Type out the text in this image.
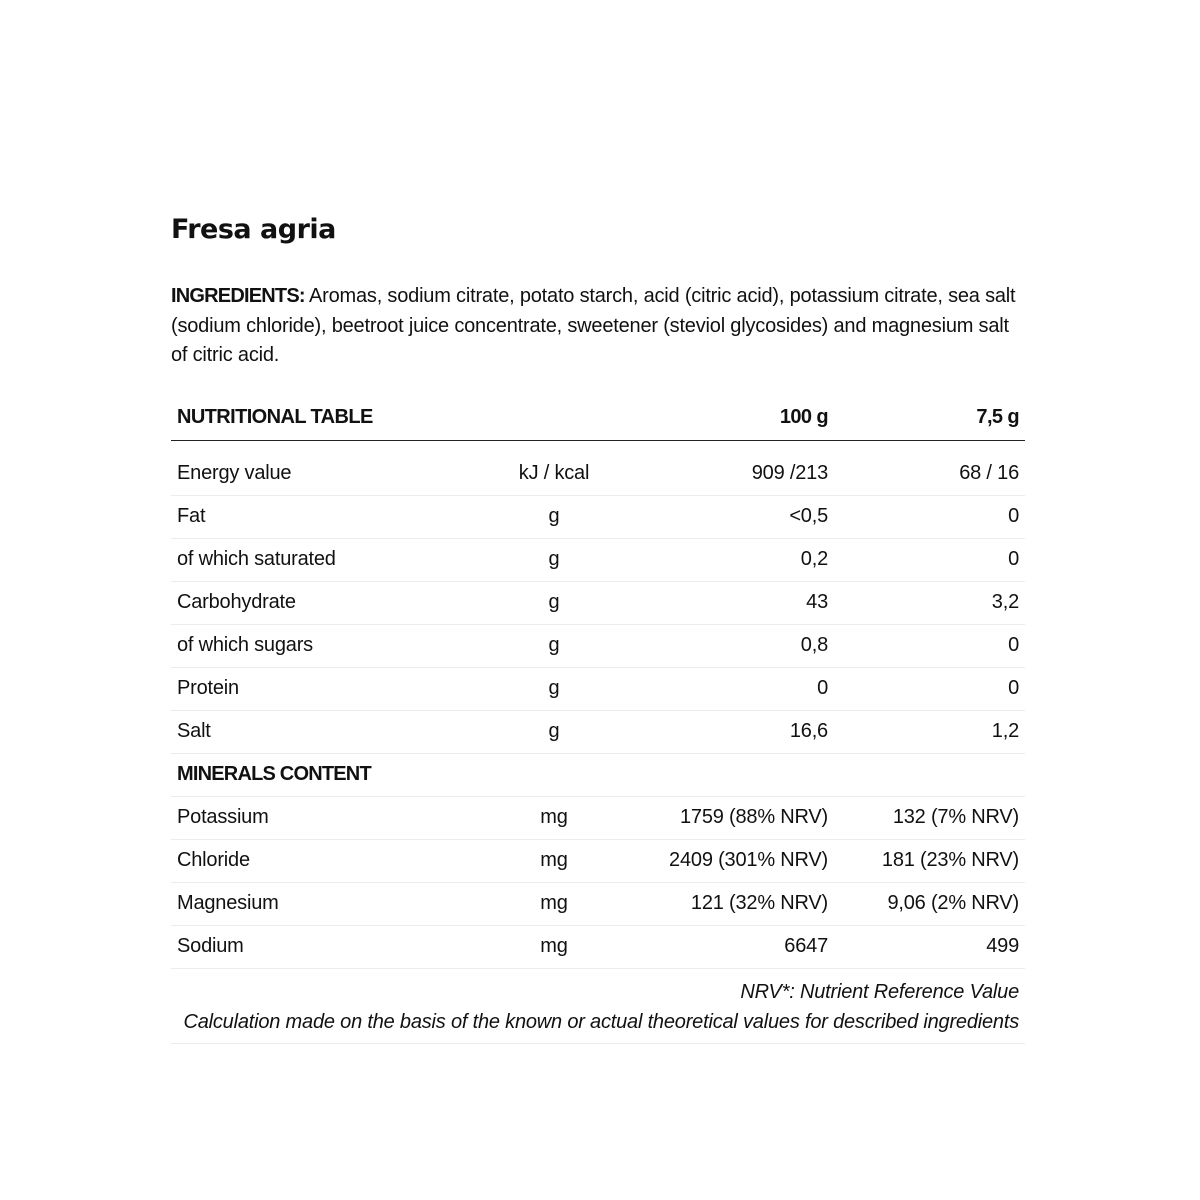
Fresa agria

INGREDIENTS: Aromas, sodium citrate, potato starch, acid (citric acid), potassium citrate, sea salt (sodium chloride), beetroot juice concentrate, sweetener (steviol glycosides) and magnesium salt of citric acid.

NUTRITIONAL TABLE		100 g	7,5 g
Energy value	kJ / kcal	909 /213	68 / 16
Fat	g	<0,5	0
of which saturated	g	0,2	0
Carbohydrate	g	43	3,2
of which sugars	g	0,8	0
Protein	g	0	0
Salt	g	16,6	1,2
MINERALS CONTENT			
Potassium	mg	1759 (88% NRV)	132 (7% NRV)
Chloride	mg	2409 (301% NRV)	181 (23% NRV)
Magnesium	mg	121 (32% NRV)	9,06 (2% NRV)
Sodium	mg	6647	499

NRV*: Nutrient Reference Value
Calculation made on the basis of the known or actual theoretical values for described ingredients			
